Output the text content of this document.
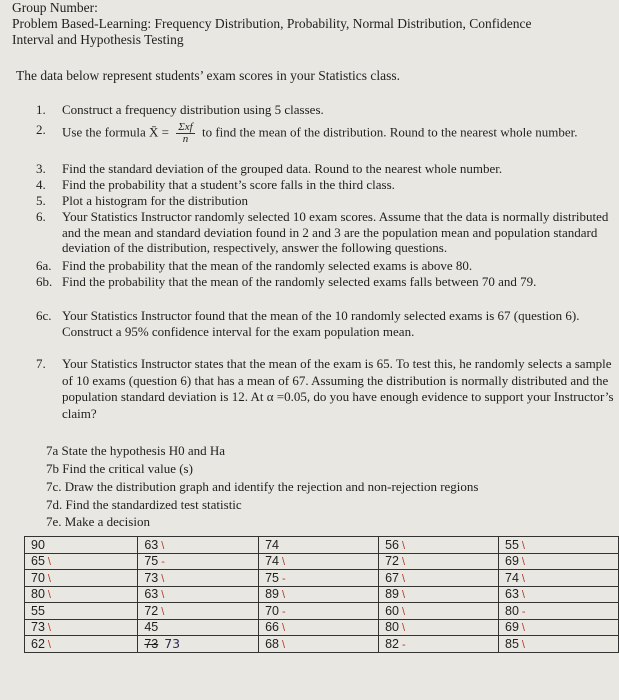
Group Number:
Problem Based-Learning: Frequency Distribution, Probability, Normal Distribution, Confidence
Interval and Hypothesis Testing
The data below represent students’ exam scores in your Statistics class.
1. Construct a frequency distribution using 5 classes.
2. Use the formula X̄ = $\frac{\text{Σxf}}{n}$ to find the mean of the distribution. Round to the nearest whole number.
3. Find the standard deviation of the grouped data. Round to the nearest whole number.
4. Find the probability that a student’s score falls in the third class.
5. Plot a histogram for the distribution
6. Your Statistics Instructor randomly selected 10 exam scores. Assume that the data is normally distributed and the mean and standard deviation found in 2 and 3 are the population mean and population standard deviation of the distribution, respectively, answer the following questions.
6a. Find the probability that the mean of the randomly selected exams is above 80.
6b. Find the probability that the mean of the randomly selected exams falls between 70 and 79.
6c. Your Statistics Instructor found that the mean of the 10 randomly selected exams is 67 (question 6). Construct a 95% confidence interval for the exam population mean.
7. Your Statistics Instructor states that the mean of the exam is 65. To test this, he randomly selects a sample of 10 exams (question 6) that has a mean of 67. Assuming the distribution is normally distributed and the population standard deviation is 12. At α =0.05, do you have enough evidence to support your Instructor’s claim?
7a State the hypothesis H0 and Ha
7b Find the critical value (s)
7c. Draw the distribution graph and identify the rejection and non-rejection regions
7d. Find the standardized test statistic
7e. Make a decision
90	63 \	74	56 \	55 \
65 \	75 -	74 \	72 \	69 \
70 \	73 \	75 -	67 \	74 \
80 \	63 \	89 \	89 \	63 \
55	72 \	70 -	60 \	80 -
73 \	45	66 \	80 \	69 \
62 \	73 73	68 \	82 -	85 \
